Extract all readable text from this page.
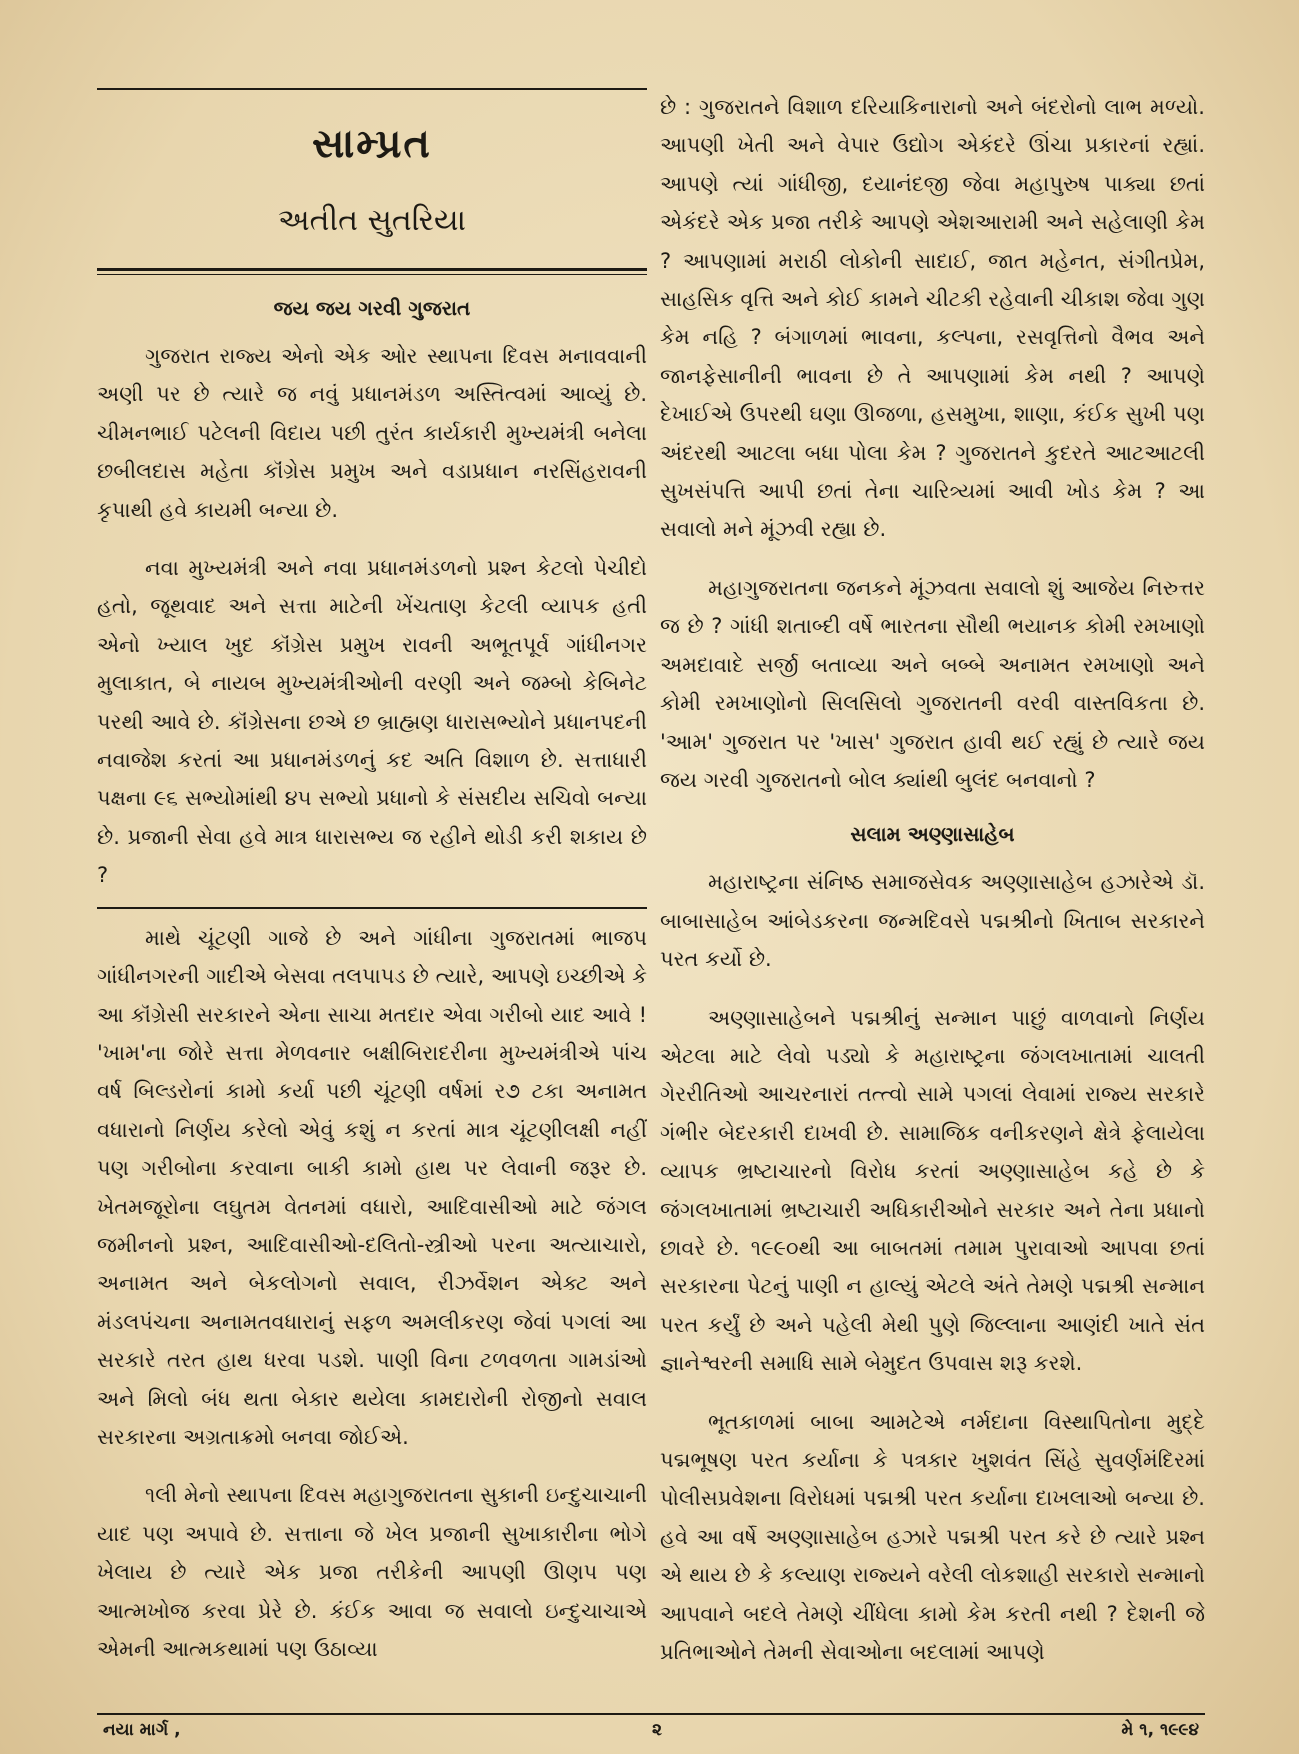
સામ્પ્રત
અતીત સુતરિયા
જય જય ગરવી ગુજરાત

ગુજરાત રાજ્ય એનો એક ઓર સ્થાપના દિવસ મનાવવાની અણી પર છે ત્યારે જ નવું પ્રધાનમંડળ અસ્તિત્વમાં આવ્યું છે. ચીમનભાઈ પટેલની વિદાય પછી તુરંત કાર્યકારી મુખ્યમંત્રી બનેલા છબીલદાસ મહેતા કૉંગ્રેસ પ્રમુખ અને વડાપ્રધાન નરસિંહરાવની કૃપાથી હવે કાયમી બન્યા છે.

નવા મુખ્યમંત્રી અને નવા પ્રધાનમંડળનો પ્રશ્ન કેટલો પેચીદો હતો, જૂથવાદ અને સત્તા માટેની ખેંચતાણ કેટલી વ્યાપક હતી એનો ખ્યાલ ખુદ કૉંગ્રેસ પ્રમુખ રાવની અભૂતપૂર્વ ગાંધીનગર મુલાકાત, બે નાયબ મુખ્યમંત્રીઓની વરણી અને જમ્બો કેબિનેટ પરથી આવે છે. કૉંગ્રેસના છએ છ બ્રાહ્મણ ધારાસભ્યોને પ્રધાનપદની નવાજેશ કરતાં આ પ્રધાનમંડળનું કદ અતિ વિશાળ છે. સત્તાધારી પક્ષના ૯૬ સભ્યોમાંથી ૪૫ સભ્યો પ્રધાનો કે સંસદીય સચિવો બન્યા છે. પ્રજાની સેવા હવે માત્ર ધારાસભ્ય જ રહીને થોડી કરી શકાય છે ?

માથે ચૂંટણી ગાજે છે અને ગાંધીના ગુજરાતમાં ભાજપ ગાંધીનગરની ગાદીએ બેસવા તલપાપડ છે ત્યારે, આપણે ઇચ્છીએ કે આ કૉંગ્રેસી સરકારને એના સાચા મતદાર એવા ગરીબો યાદ આવે ! 'ખામ'ના જોરે સત્તા મેળવનાર બક્ષીબિરાદરીના મુખ્યમંત્રીએ પાંચ વર્ષ બિલ્ડરોનાં કામો કર્યા પછી ચૂંટણી વર્ષમાં ર૭ ટકા અનામત વધારાનો નિર્ણય કરેલો એવું કશું ન કરતાં માત્ર ચૂંટણીલક્ષી નહીં પણ ગરીબોના કરવાના બાકી કામો હાથ પર લેવાની જરૂર છે. ખેતમજૂરોના લઘુતમ વેતનમાં વધારો, આદિવાસીઓ માટે જંગલ જમીનનો પ્રશ્ન, આદિવાસીઓ-દલિતો-સ્ત્રીઓ પરના અત્યાચારો, અનામત અને બેકલોગનો સવાલ, રીઝર્વેશન એક્ટ અને મંડલપંચના અનામતવધારાનું સફળ અમલીકરણ જેવાં પગલાં આ સરકારે તરત હાથ ધરવા પડશે. પાણી વિના ટળવળતા ગામડાંઓ અને મિલો બંધ થતા બેકાર થયેલા કામદારોની રોજીનો સવાલ સરકારના અગ્રતાક્રમો બનવા જોઈએ.

૧લી મેનો સ્થાપના દિવસ મહાગુજરાતના સુકાની ઇન્દુચાચાની યાદ પણ અપાવે છે. સત્તાના જે ખેલ પ્રજાની સુખાકારીના ભોગે ખેલાય છે ત્યારે એક પ્રજા તરીકેની આપણી ઊણપ પણ આત્મખોજ કરવા પ્રેરે છે. કંઈક આવા જ સવાલો ઇન્દુચાચાએ એમની આત્મકથામાં પણ ઉઠાવ્યા

છે : ગુજરાતને વિશાળ દરિયાકિનારાનો અને બંદરોનો લાભ મળ્યો. આપણી ખેતી અને વેપાર ઉદ્યોગ એકંદરે ઊંચા પ્રકારનાં રહ્યાં. આપણે ત્યાં ગાંધીજી, દયાનંદજી જેવા મહાપુરુષ પાક્યા છતાં એકંદરે એક પ્રજા તરીકે આપણે એશઆરામી અને સહેલાણી કેમ ? આપણામાં મરાઠી લોકોની સાદાઈ, જાત મહેનત, સંગીતપ્રેમ, સાહસિક વૃત્તિ અને કોઈ કામને ચીટકી રહેવાની ચીકાશ જેવા ગુણ કેમ નહિ ? બંગાળમાં ભાવના, કલ્પના, રસવૃત્તિનો વૈભવ અને જાનફેસાનીની ભાવના છે તે આપણામાં કેમ નથી ? આપણે દેખાઈએ ઉપરથી ઘણા ઊજળા, હસમુખા, શાણા, કંઈક સુખી પણ અંદરથી આટલા બધા પોલા કેમ ? ગુજરાતને કુદરતે આટઆટલી સુખસંપત્તિ આપી છતાં તેના ચારિત્ર્યમાં આવી ખોડ કેમ ? આ સવાલો મને મૂંઝવી રહ્યા છે.

મહાગુજરાતના જનકને મૂંઝવતા સવાલો શું આજેય નિરુત્તર જ છે ? ગાંધી શતાબ્દી વર્ષે ભારતના સૌથી ભયાનક કોમી રમખાણો અમદાવાદે સર્જી બતાવ્યા અને બબ્બે અનામત રમખાણો અને કોમી રમખાણોનો સિલસિલો ગુજરાતની વરવી વાસ્તવિકતા છે. 'આમ' ગુજરાત પર 'ખાસ' ગુજરાત હાવી થઈ રહ્યું છે ત્યારે જય જય ગરવી ગુજરાતનો બોલ ક્યાંથી બુલંદ બનવાનો ?

સલામ અણ્ણાસાહેબ

મહારાષ્ટ્રના સંનિષ્ઠ સમાજસેવક અણ્ણાસાહેબ હઝારેએ ડૉ. બાબાસાહેબ આંબેડકરના જન્મદિવસે પદ્મશ્રીનો ખિતાબ સરકારને પરત કર્યો છે.

અણ્ણાસાહેબને પદ્મશ્રીનું સન્માન પાછું વાળવાનો નિર્ણય એટલા માટે લેવો પડ્યો કે મહારાષ્ટ્રના જંગલખાતામાં ચાલતી ગેરરીતિઓ આચરનારાં તત્ત્વો સામે પગલાં લેવામાં રાજ્ય સરકારે ગંભીર બેદરકારી દાખવી છે. સામાજિક વનીકરણને ક્ષેત્રે ફેલાયેલા વ્યાપક ભ્રષ્ટાચારનો વિરોધ કરતાં અણ્ણાસાહેબ કહે છે કે જંગલખાતામાં ભ્રષ્ટાચારી અધિકારીઓને સરકાર અને તેના પ્રધાનો છાવરે છે. ૧૯૯૦થી આ બાબતમાં તમામ પુરાવાઓ આપવા છતાં સરકારના પેટનું પાણી ન હાલ્યું એટલે અંતે તેમણે પદ્મશ્રી સન્માન પરત કર્યું છે અને પહેલી મેથી પુણે જિલ્લાના આણંદી ખાતે સંત જ્ઞાનેશ્વરની સમાધિ સામે બેમુદત ઉપવાસ શરૂ કરશે.

ભૂતકાળમાં બાબા આમટેએ નર્મદાના વિસ્થાપિતોના મુદ્દે પદ્મભૂષણ પરત કર્યાના કે પત્રકાર ખુશવંત સિંહે સુવર્ણમંદિરમાં પોલીસપ્રવેશના વિરોધમાં પદ્મશ્રી પરત કર્યાના દાખલાઓ બન્યા છે. હવે આ વર્ષે અણ્ણાસાહેબ હઝારે પદ્મશ્રી પરત કરે છે ત્યારે પ્રશ્ન એ થાય છે કે કલ્યાણ રાજ્યને વરેલી લોકશાહી સરકારો સન્માનો આપવાને બદલે તેમણે ચીંધેલા કામો કેમ કરતી નથી ? દેશની જે પ્રતિભાઓને તેમની સેવાઓના બદલામાં આપણે

નયા માર્ગ ,	૨	મે ૧, ૧૯૯૪
